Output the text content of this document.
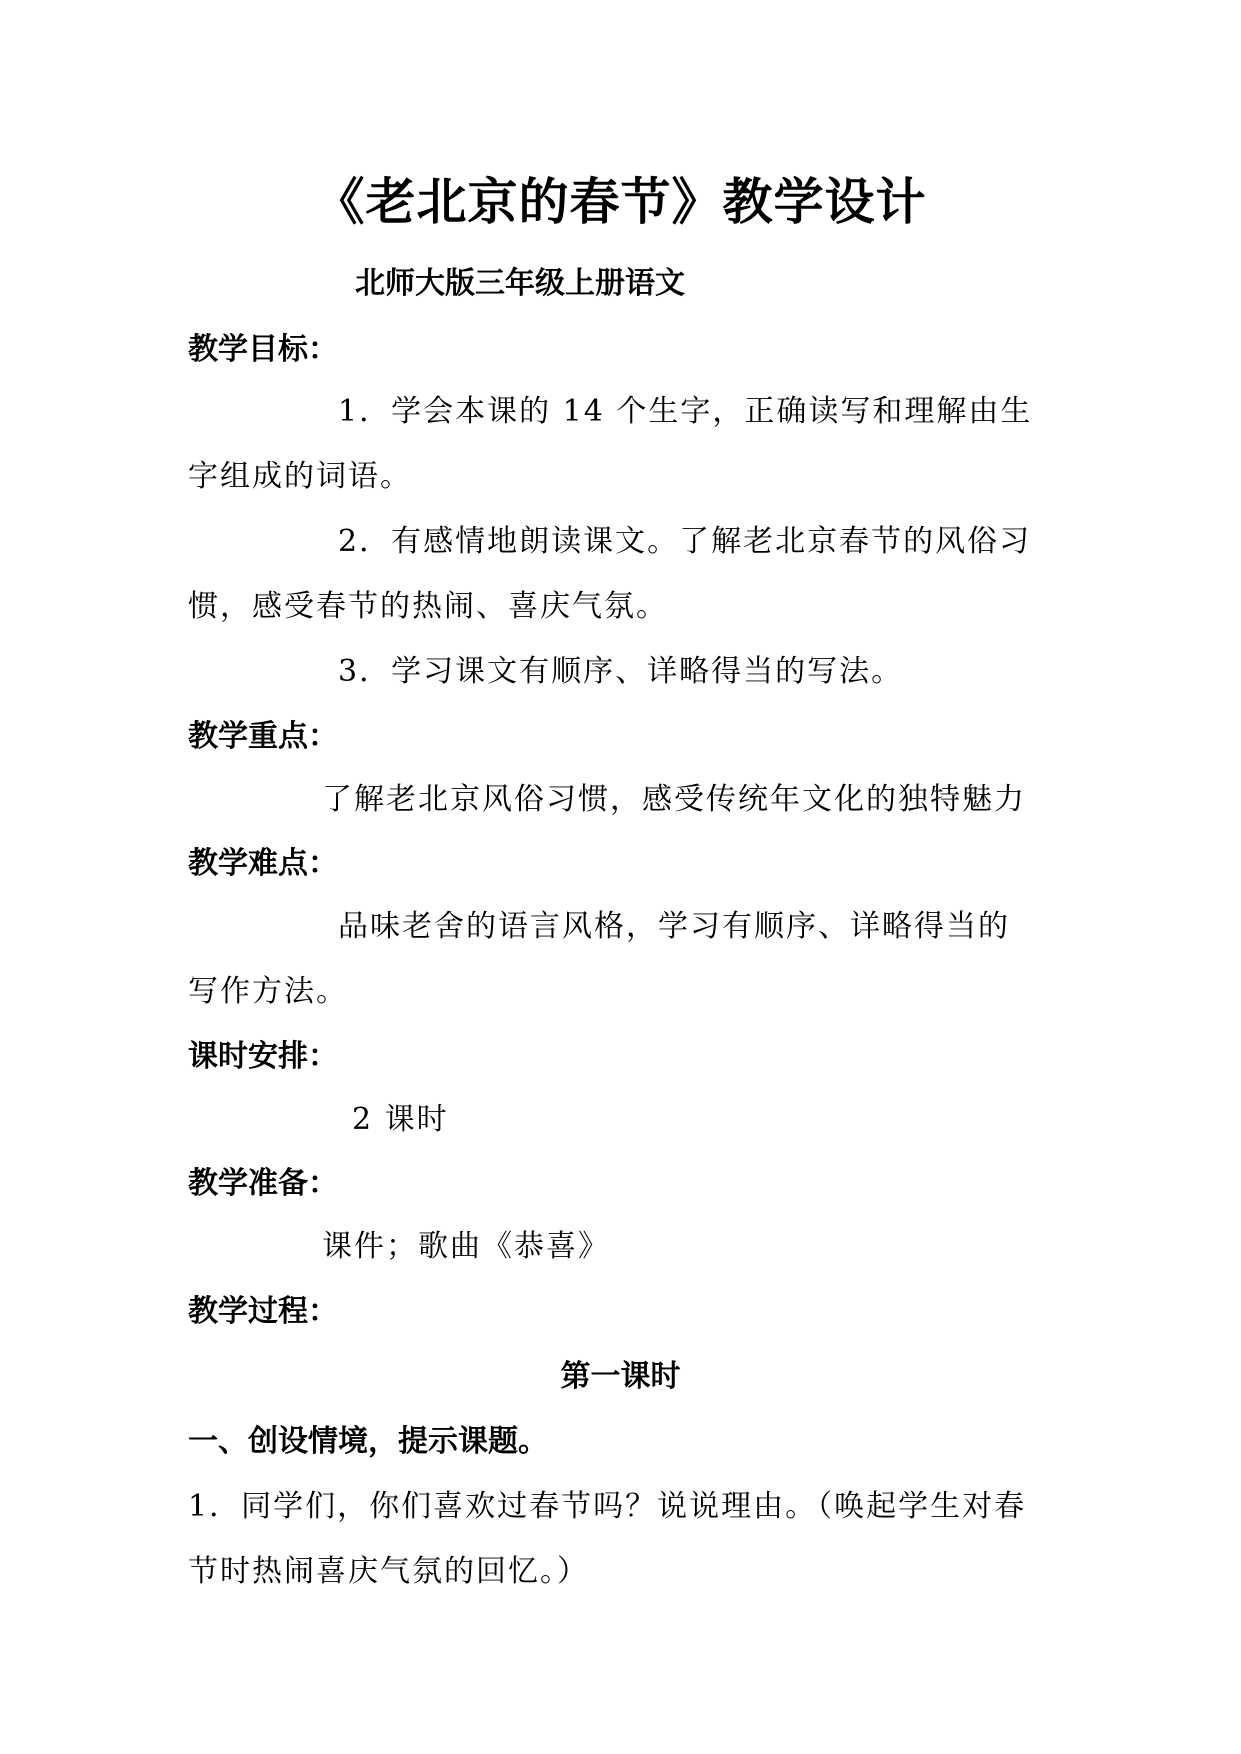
《老北京的春节》教学设计
北师大版三年级上册语文
教学目标：
1．学会本课的 14 个生字，正确读写和理解由生
字组成的词语。
2．有感情地朗读课文。了解老北京春节的风俗习
惯，感受春节的热闹、喜庆气氛。
3．学习课文有顺序、详略得当的写法。
教学重点：
了解老北京风俗习惯，感受传统年文化的独特魅力
教学难点：
品味老舍的语言风格，学习有顺序、详略得当的
写作方法。
课时安排：
2 课时
教学准备：
课件；歌曲《恭喜》
教学过程：
第一课时
一、创设情境，提示课题。
1．同学们，你们喜欢过春节吗？说说理由。（唤起学生对春
节时热闹喜庆气氛的回忆。）
